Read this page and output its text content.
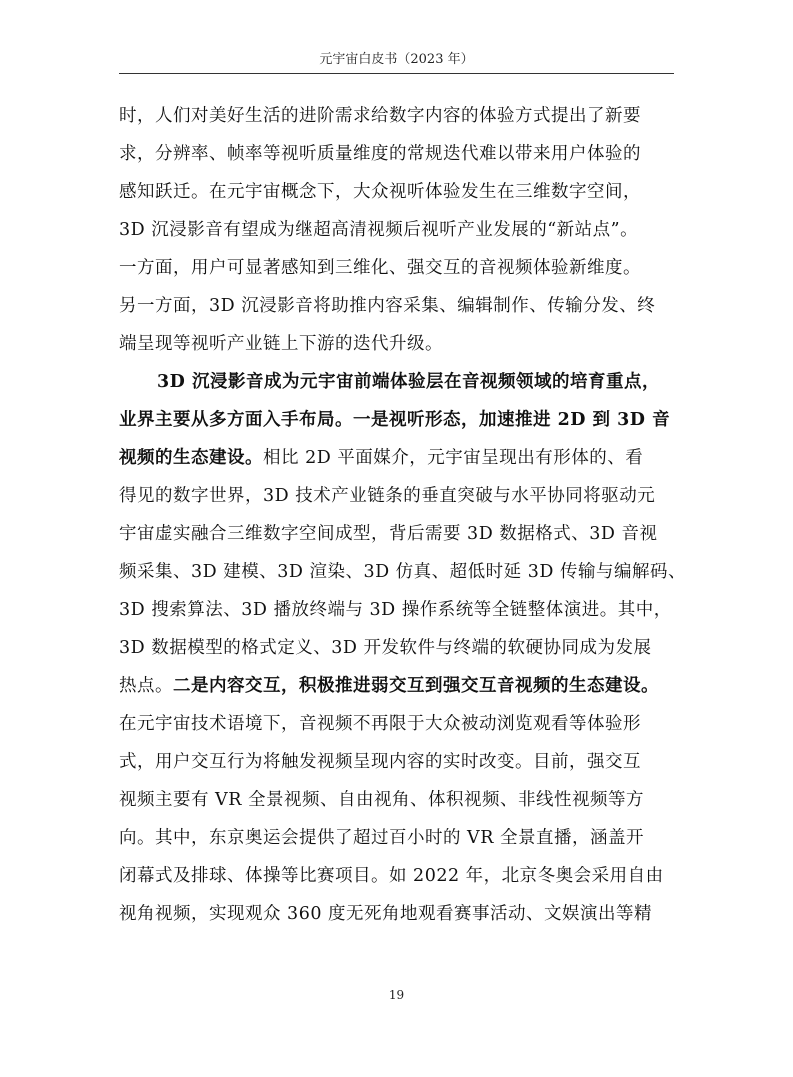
元宇宙白皮书（2023 年）
时，人们对美好生活的进阶需求给数字内容的体验方式提出了新要
求，分辨率、帧率等视听质量维度的常规迭代难以带来用户体验的
感知跃迁。在元宇宙概念下，大众视听体验发生在三维数字空间，
3D 沉浸影音有望成为继超高清视频后视听产业发展的“新站点”。
一方面，用户可显著感知到三维化、强交互的音视频体验新维度。
另一方面，3D 沉浸影音将助推内容采集、编辑制作、传输分发、终
端呈现等视听产业链上下游的迭代升级。
3D 沉浸影音成为元宇宙前端体验层在音视频领域的培育重点，
业界主要从多方面入手布局。一是视听形态，加速推进 2D 到 3D 音
视频的生态建设。相比 2D 平面媒介，元宇宙呈现出有形体的、看
得见的数字世界，3D 技术产业链条的垂直突破与水平协同将驱动元
宇宙虚实融合三维数字空间成型，背后需要 3D 数据格式、3D 音视
频采集、3D 建模、3D 渲染、3D 仿真、超低时延 3D 传输与编解码、
3D 搜索算法、3D 播放终端与 3D 操作系统等全链整体演进。其中，
3D 数据模型的格式定义、3D 开发软件与终端的软硬协同成为发展
热点。二是内容交互，积极推进弱交互到强交互音视频的生态建设。
在元宇宙技术语境下，音视频不再限于大众被动浏览观看等体验形
式，用户交互行为将触发视频呈现内容的实时改变。目前，强交互
视频主要有 VR 全景视频、自由视角、体积视频、非线性视频等方
向。其中，东京奥运会提供了超过百小时的 VR 全景直播，涵盖开
闭幕式及排球、体操等比赛项目。如 2022 年，北京冬奥会采用自由
视角视频，实现观众 360 度无死角地观看赛事活动、文娱演出等精
19
